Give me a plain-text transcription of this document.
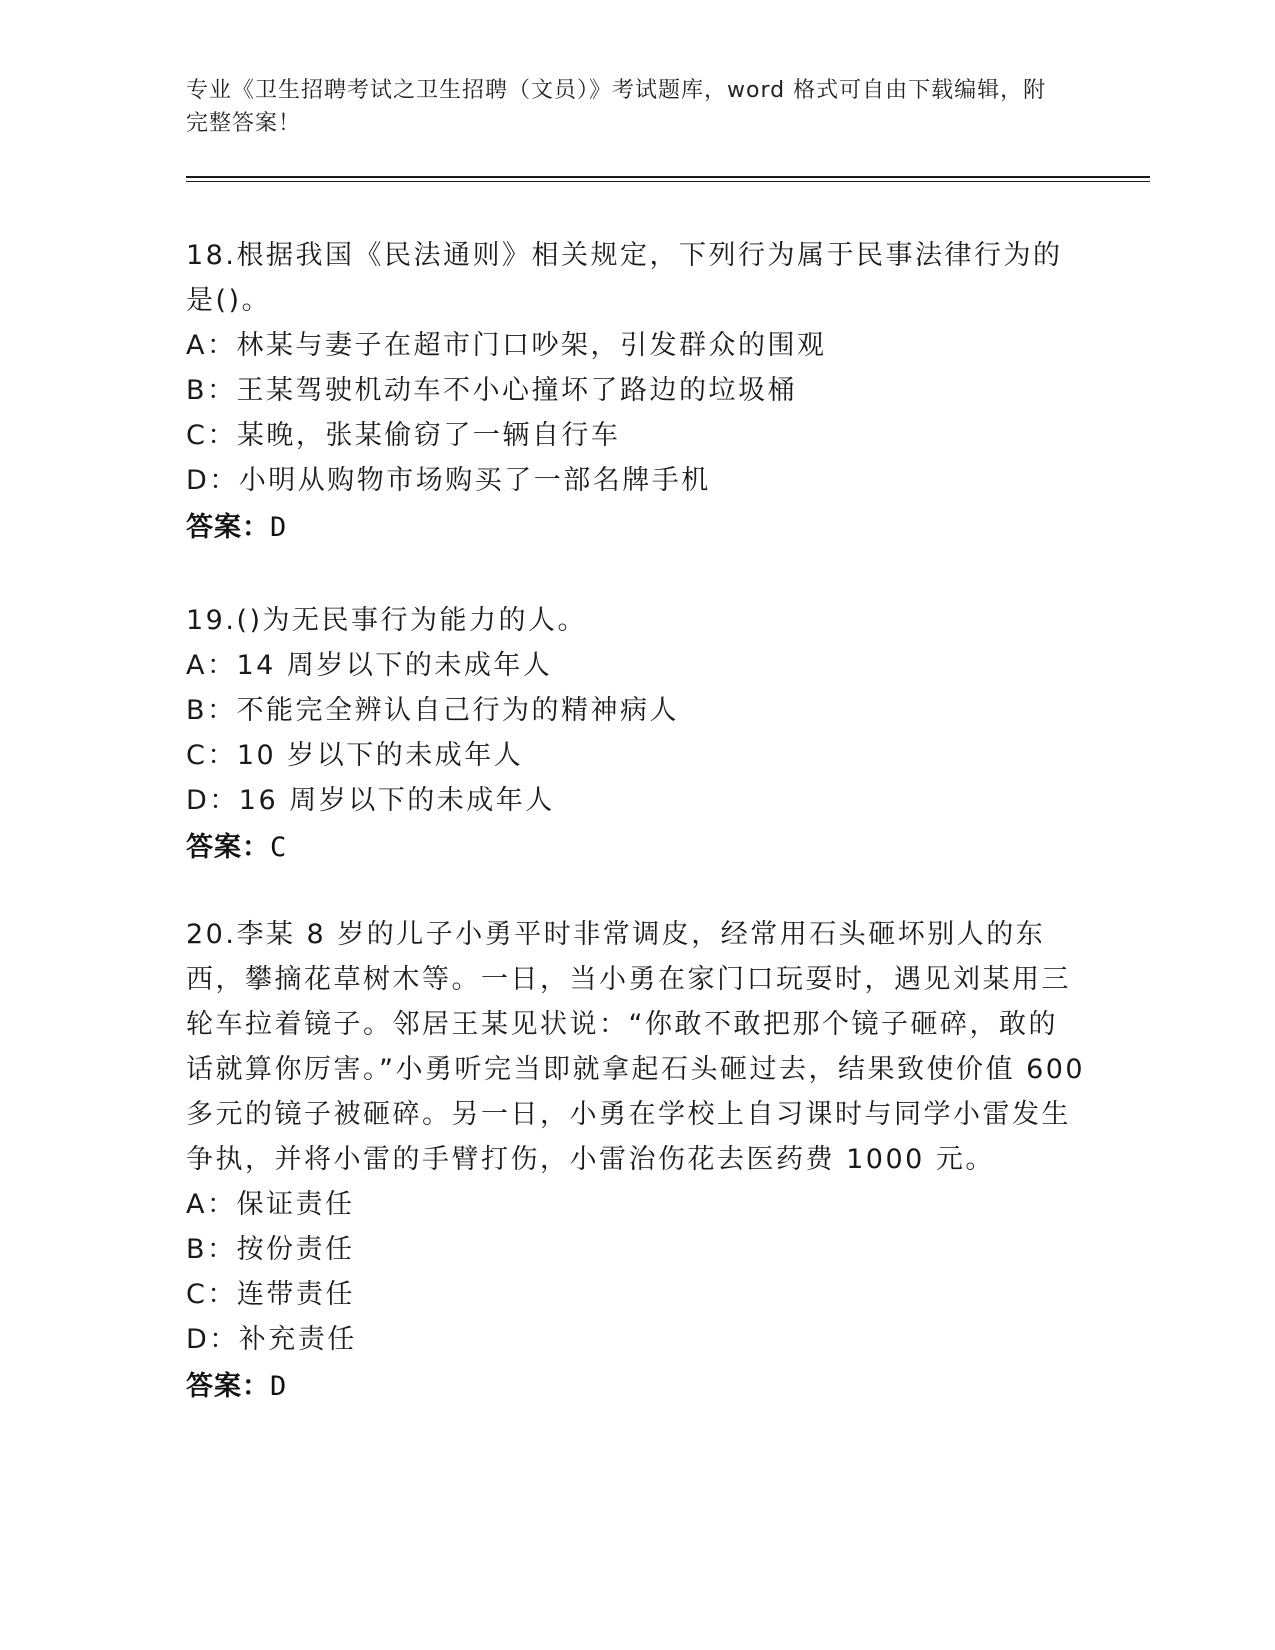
专业《卫生招聘考试之卫生招聘（文员）》考试题库，word 格式可自由下载编辑，附完整答案！

18.根据我国《民法通则》相关规定，下列行为属于民事法律行为的是()。

A：林某与妻子在超市门口吵架，引发群众的围观

B：王某驾驶机动车不小心撞坏了路边的垃圾桶

C：某晚，张某偷窃了一辆自行车

D：小明从购物市场购买了一部名牌手机

答案：D

19.()为无民事行为能力的人。

A：14 周岁以下的未成年人

B：不能完全辨认自己行为的精神病人

C：10 岁以下的未成年人

D：16 周岁以下的未成年人

答案：C

20.李某 8 岁的儿子小勇平时非常调皮，经常用石头砸坏别人的东西，攀摘花草树木等。一日，当小勇在家门口玩耍时，遇见刘某用三轮车拉着镜子。邻居王某见状说：“你敢不敢把那个镜子砸碎，敢的话就算你厉害。”小勇听完当即就拿起石头砸过去，结果致使价值 600 多元的镜子被砸碎。另一日，小勇在学校上自习课时与同学小雷发生争执，并将小雷的手臂打伤，小雷治伤花去医药费 1000 元。

A：保证责任

B：按份责任

C：连带责任

D：补充责任

答案：D
